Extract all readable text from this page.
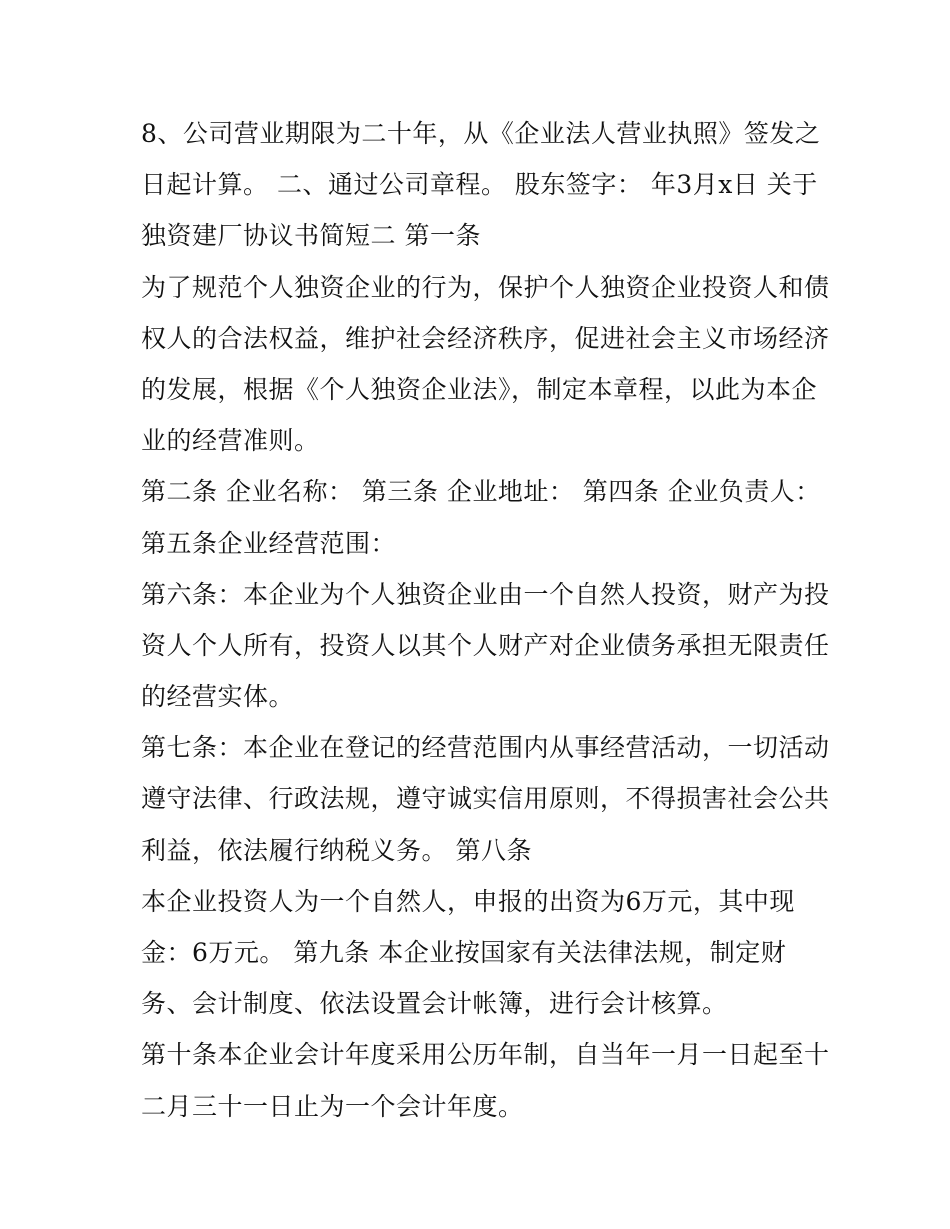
8、公司营业期限为二十年，从《企业法人营业执照》签发之
日起计算。 二、通过公司章程。 股东签字： 年3月x日 关于
独资建厂协议书简短二 第一条
为了规范个人独资企业的行为，保护个人独资企业投资人和债
权人的合法权益，维护社会经济秩序，促进社会主义市场经济
的发展，根据《个人独资企业法》，制定本章程，以此为本企
业的经营准则。
第二条 企业名称： 第三条 企业地址： 第四条 企业负责人：
第五条企业经营范围：
第六条：本企业为个人独资企业由一个自然人投资，财产为投
资人个人所有，投资人以其个人财产对企业债务承担无限责任
的经营实体。
第七条：本企业在登记的经营范围内从事经营活动，一切活动
遵守法律、行政法规，遵守诚实信用原则，不得损害社会公共
利益，依法履行纳税义务。 第八条
本企业投资人为一个自然人，申报的出资为6万元，其中现
金：6万元。 第九条 本企业按国家有关法律法规，制定财
务、会计制度、依法设置会计帐簿，进行会计核算。
第十条本企业会计年度采用公历年制，自当年一月一日起至十
二月三十一日止为一个会计年度。
